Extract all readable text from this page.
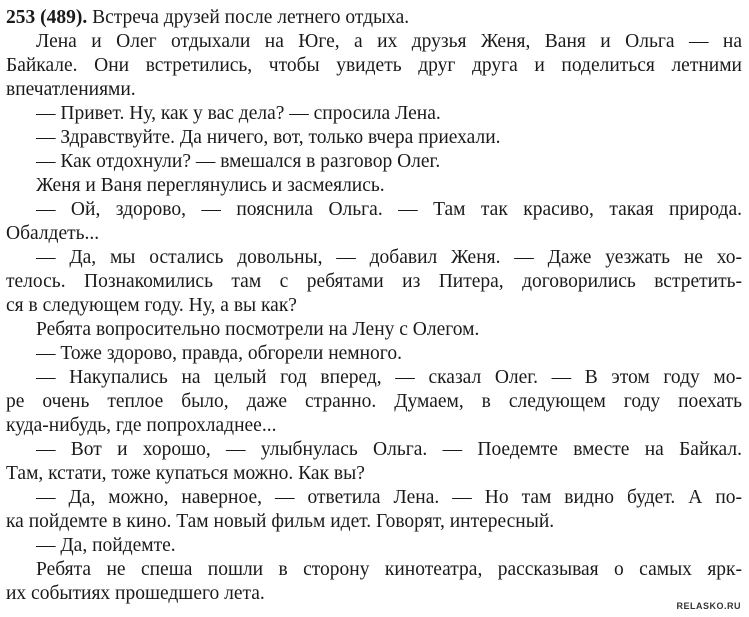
253 (489). Встреча друзей после летнего отдыха.
Лена и Олег отдыхали на Юге, а их друзья Женя, Ваня и Ольга — на
Байкале. Они встретились, чтобы увидеть друг друга и поделиться летними
впечатлениями.
— Привет. Ну, как у вас дела? — спросила Лена.
— Здравствуйте. Да ничего, вот, только вчера приехали.
— Как отдохнули? — вмешался в разговор Олег.
Женя и Ваня переглянулись и засмеялись.
— Ой, здорово, — пояснила Ольга. — Там так красиво, такая природа.
Обалдеть...
— Да, мы остались довольны, — добавил Женя. — Даже уезжать не хо-
телось. Познакомились там с ребятами из Питера, договорились встретить-
ся в следующем году. Ну, а вы как?
Ребята вопросительно посмотрели на Лену с Олегом.
— Тоже здорово, правда, обгорели немного.
— Накупались на целый год вперед, — сказал Олег. — В этом году мо-
ре очень теплое было, даже странно. Думаем, в следующем году поехать
куда-нибудь, где попрохладнее...
— Вот и хорошо, — улыбнулась Ольга. — Поедемте вместе на Байкал.
Там, кстати, тоже купаться можно. Как вы?
— Да, можно, наверное, — ответила Лена. — Но там видно будет. А по-
ка пойдемте в кино. Там новый фильм идет. Говорят, интересный.
— Да, пойдемте.
Ребята не спеша пошли в сторону кинотеатра, рассказывая о самых ярк-
их событиях прошедшего лета.
RELASKO.RU
